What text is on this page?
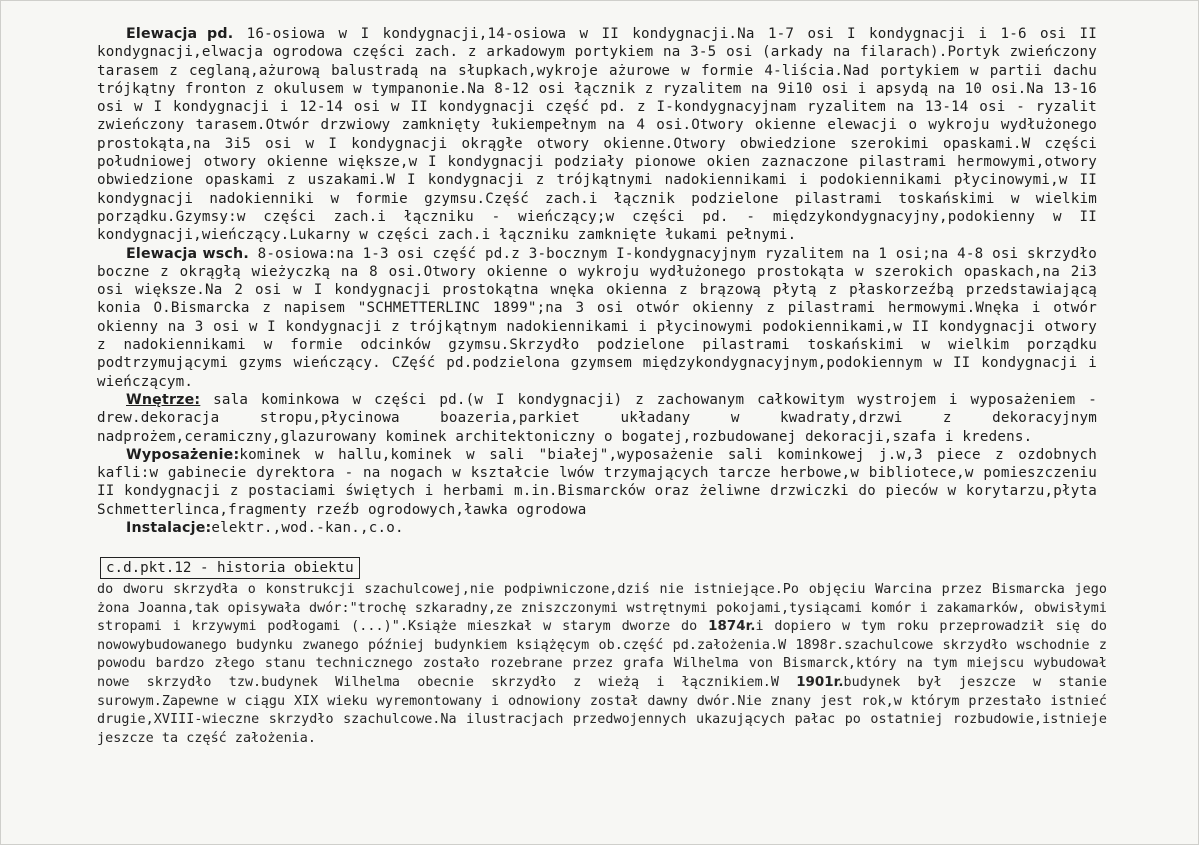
Elewacja pd. 16-osiowa w I kondygnacji,14-osiowa w II kondygnacji.Na 1-7 osi I kondygnacji i 1-6 osi II kondygnacji,elwacja ogrodowa części zach. z arkadowym portykiem na 3-5 osi (arkady na filarach).Portyk zwieńczony tarasem z ceglaną,ażurową balustradą na słupkach,wykroje ażurowe w formie 4-liścia.Nad portykiem w partii dachu trójkątny fronton z okulusem w tympanonie.Na 8-12 osi łącznik z ryzalitem na 9i10 osi i apsydą na 10 osi.Na 13-16 osi w I kondygnacji i 12-14 osi w II kondygnacji część pd. z I-kondygnacyjnam ryzalitem na 13-14 osi - ryzalit zwieńczony tarasem.Otwór drzwiowy zamknięty łukiempełnym na 4 osi.Otwory okienne elewacji o wykroju wydłużonego prostokąta,na 3i5 osi w I kondygnacji okrągłe otwory okienne.Otwory obwiedzione szerokimi opaskami.W części południowej otwory okienne większe,w I kondygnacji podziały pionowe okien zaznaczone pilastrami hermowymi,otwory obwiedzione opaskami z uszakami.W I kondygnacji z trójkątnymi nadokiennikami i podokiennikami płycinowymi,w II kondygnacji nadokienniki w formie gzymsu.Część zach.i łącznik podzielone pilastrami toskańskimi w wielkim porządku.Gzymsy:w części zach.i łączniku - wieńczący;w części pd. - międzykondygnacyjny,podokienny w II kondygnacji,wieńczący.Lukarny w części zach.i łączniku zamknięte łukami pełnymi.

Elewacja wsch. 8-osiowa:na 1-3 osi część pd.z 3-bocznym I-kondygnacyjnym ryzalitem na 1 osi;na 4-8 osi skrzydło boczne z okrągłą wieżyczką na 8 osi.Otwory okienne o wykroju wydłużonego prostokąta w szerokich opaskach,na 2i3 osi większe.Na 2 osi w I kondygnacji prostokątna wnęka okienna z brązową płytą z płaskorzeźbą przedstawiającą konia O.Bismarcka z napisem "SCHMETTERLINC 1899";na 3 osi otwór okienny z pilastrami hermowymi.Wnęka i otwór okienny na 3 osi w I kondygnacji z trójkątnym nadokiennikami i płycinowymi podokiennikami,w II kondygnacji otwory z nadokiennikami w formie odcinków gzymsu.Skrzydło podzielone pilastrami toskańskimi w wielkim porządku podtrzymującymi gzyms wieńczący. CZęść pd.podzielona gzymsem międzykondygnacyjnym,podokiennym w II kondygnacji i wieńczącym.

Wnętrze: sala kominkowa w części pd.(w I kondygnacji) z zachowanym całkowitym wystrojem i wyposażeniem - drew.dekoracja stropu,płycinowa boazeria,parkiet układany w kwadraty,drzwi z dekoracyjnym nadprożem,ceramiczny,glazurowany kominek architektoniczny o bogatej,rozbudowanej dekoracji,szafa i kredens.

Wyposażenie:kominek w hallu,kominek w sali "białej",wyposażenie sali kominkowej j.w,3 piece z ozdobnych kafli:w gabinecie dyrektora - na nogach w kształcie lwów trzymających tarcze herbowe,w bibliotece,w pomieszczeniu II kondygnacji z postaciami świętych i herbami m.in.Bismarcków oraz żeliwne drzwiczki do pieców w korytarzu,płyta Schmetterlinca,fragmenty rzeźb ogrodowych,ławka ogrodowa

Instalacje:elektr.,wod.-kan.,c.o.

c.d.pkt.12 - historia obiektu

do dworu skrzydła o konstrukcji szachulcowej,nie podpiwniczone,dziś nie istniejące.Po objęciu Warcina przez Bismarcka jego żona Joanna,tak opisywała dwór:"trochę szkaradny,ze zniszczonymi wstrętnymi pokojami,tysiącami komór i zakamarków, obwisłymi stropami i krzywymi podłogami (...)".Książe mieszkał w starym dworze do 1874r.i dopiero w tym roku przeprowadził się do nowowybudowanego budynku zwanego później budynkiem książęcym ob.część pd.założenia.W 1898r.szachulcowe skrzydło wschodnie z powodu bardzo złego stanu technicznego zostało rozebrane przez grafa Wilhelma von Bismarck,który na tym miejscu wybudował nowe skrzydło tzw.budynek Wilhelma obecnie skrzydło z wieżą i łącznikiem.W 1901r.budynek był jeszcze w stanie surowym.Zapewne w ciągu XIX wieku wyremontowany i odnowiony został dawny dwór.Nie znany jest rok,w którym przestało istnieć drugie,XVIII-wieczne skrzydło szachulcowe.Na ilustracjach przedwojennych ukazujących pałac po ostatniej rozbudowie,istnieje jeszcze ta część założenia.
